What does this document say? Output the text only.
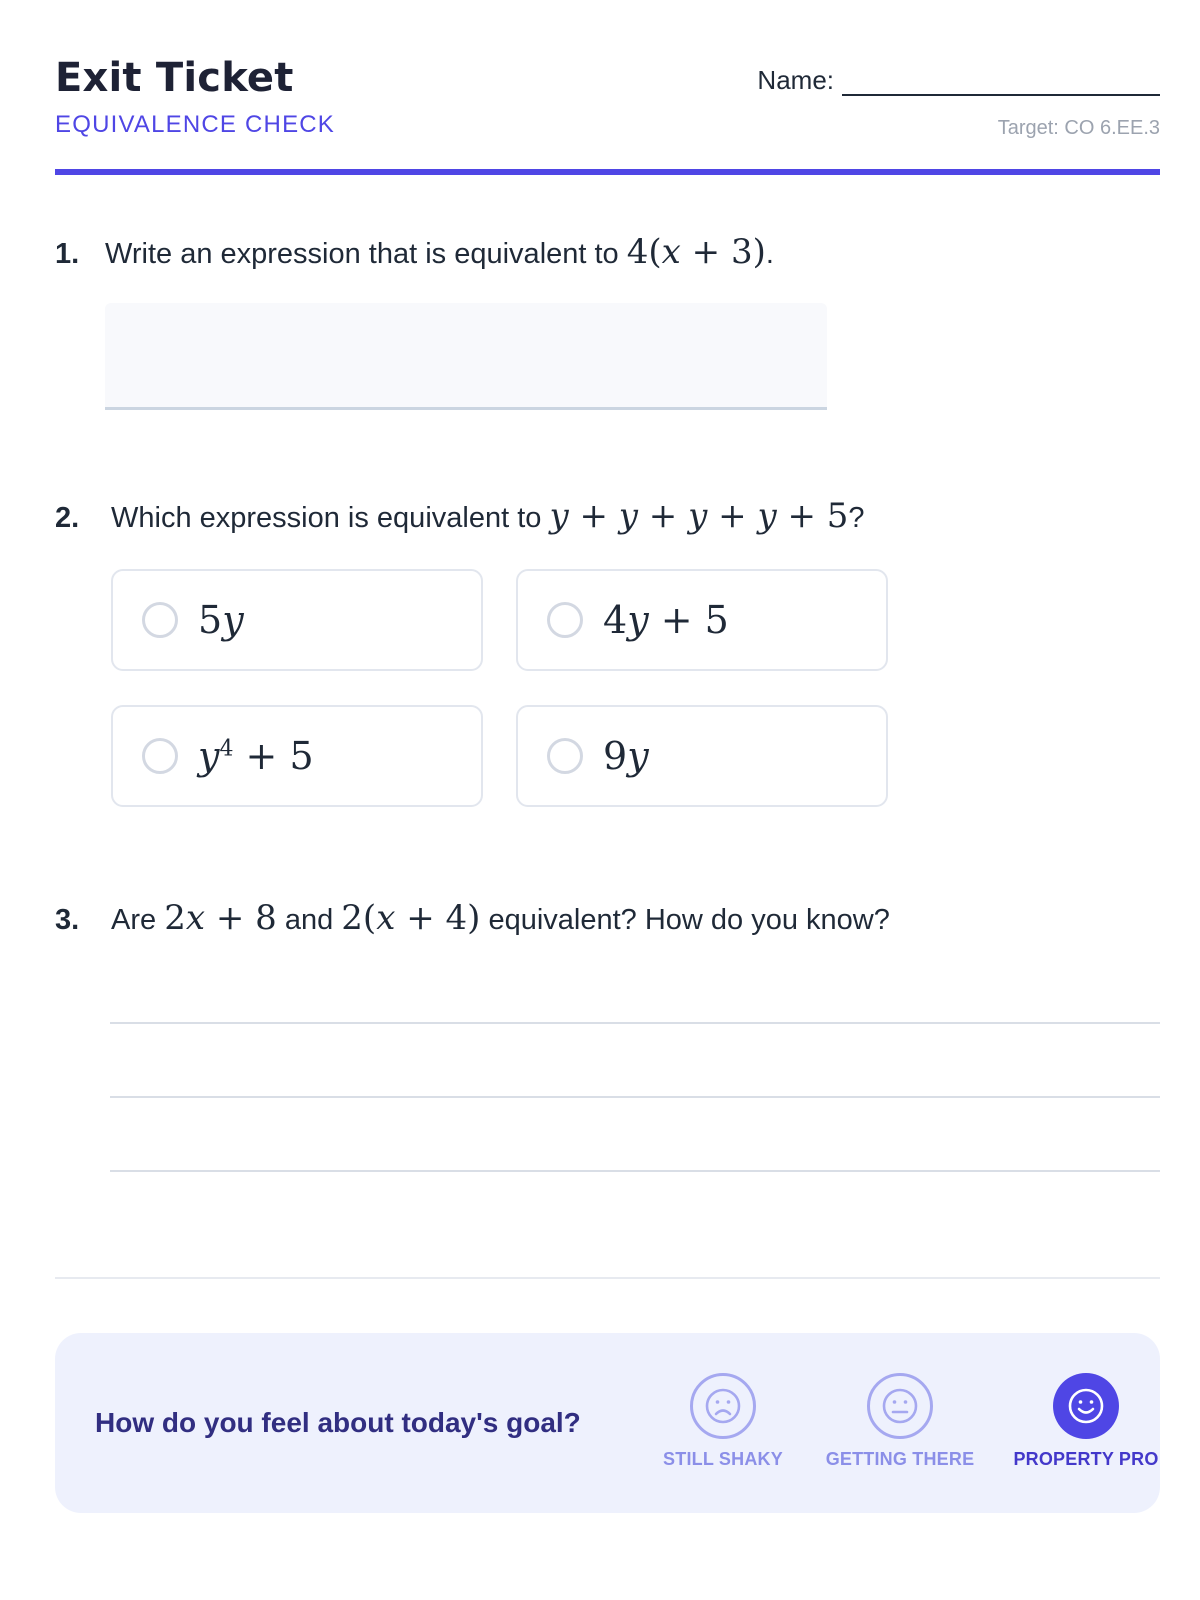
Exit Ticket
EQUIVALENCE CHECK
Name:
Target: CO 6.EE.3
1. Write an expression that is equivalent to
4(x + 3) .
2.	Which expression is equivalent to
y + y + y + y + 5 ?
5y	4y + 5
$y^4 + 5$	9y
3.	Are
2x + 8
and
2(x + 4)
equivalent? How do you know?
How do you feel about today's goal?
STILL SHAKY GETTING THERE PROPERTY PRO
